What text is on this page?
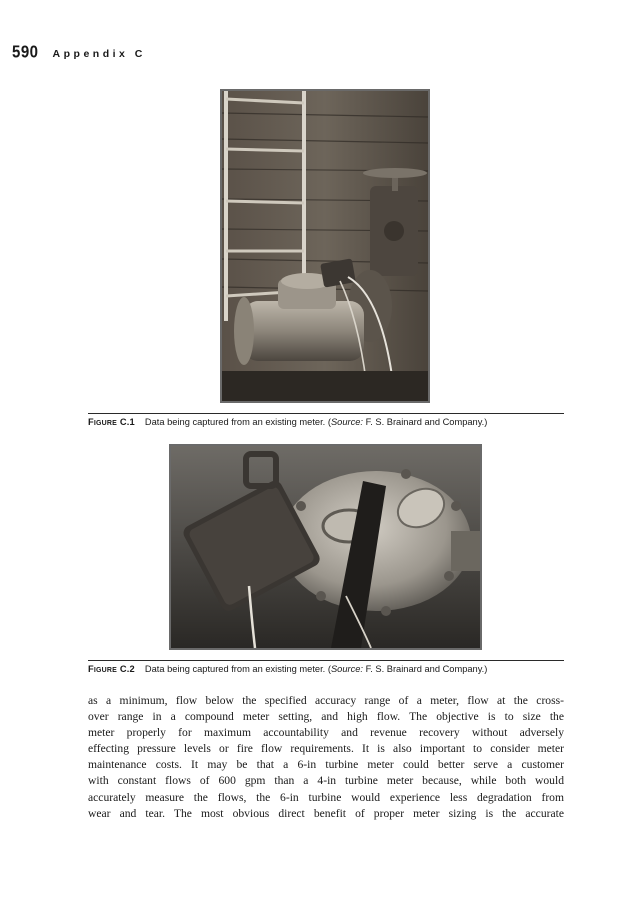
590 Appendix C
Figure C.1 Data being captured from an existing meter. (Source: F. S. Brainard and Company.)
Figure C.2 Data being captured from an existing meter. (Source: F. S. Brainard and Company.)
as a minimum, flow below the specified accuracy range of a meter, flow at the cross-
over range in a compound meter setting, and high flow. The objective is to size the
meter properly for maximum accountability and revenue recovery without adversely
effecting pressure levels or fire flow requirements. It is also important to consider meter
maintenance costs. It may be that a 6-in turbine meter could better serve a customer
with constant flows of 600 gpm than a 4-in turbine meter because, while both would
accurately measure the flows, the 6-in turbine would experience less degradation from
wear and tear. The most obvious direct benefit of proper meter sizing is the accurate
